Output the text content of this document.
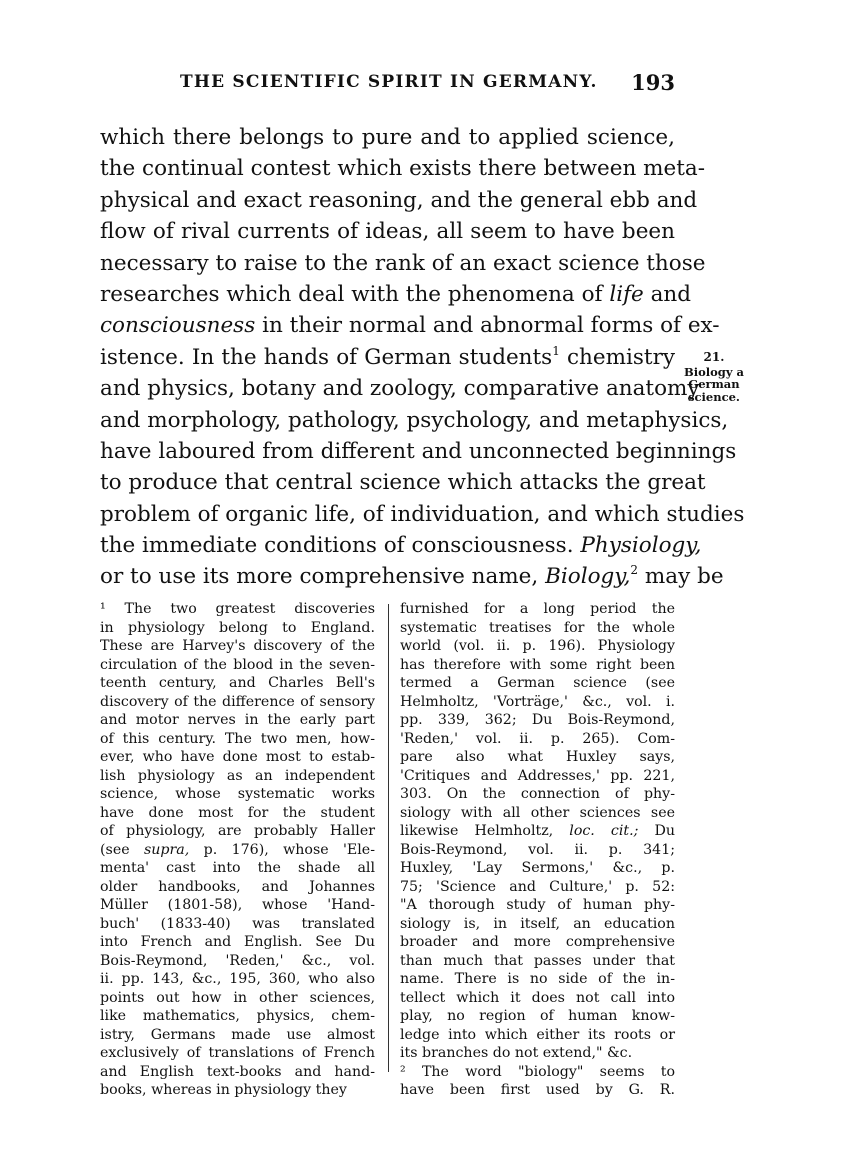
THE SCIENTIFIC SPIRIT IN GERMANY. 193
which there belongs to pure and to applied science,
the continual contest which exists there between meta-
physical and exact reasoning, and the general ebb and
flow of rival currents of ideas, all seem to have been
necessary to raise to the rank of an exact science those
researches which deal with the phenomena of life and
consciousness in their normal and abnormal forms of ex-
istence. In the hands of German students$^1$ chemistry
and physics, botany and zoology, comparative anatomy
and morphology, pathology, psychology, and metaphysics,
have laboured from different and unconnected beginnings
to produce that central science which attacks the great
problem of organic life, of individuation, and which studies
the immediate conditions of consciousness. Physiology,
or to use its more comprehensive name, Biology,$^2$ may be
21.
Biology a
German
science.
¹ The two greatest discoveries
in physiology belong to England.
These are Harvey's discovery of the
circulation of the blood in the seven-
teenth century, and Charles Bell's
discovery of the difference of sensory
and motor nerves in the early part
of this century. The two men, how-
ever, who have done most to estab-
lish physiology as an independent
science, whose systematic works
have done most for the student
of physiology, are probably Haller
(see supra, p. 176), whose 'Ele-
menta' cast into the shade all
older handbooks, and Johannes
Müller (1801-58), whose 'Hand-
buch' (1833-40) was translated
into French and English. See Du
Bois-Reymond, 'Reden,' &c., vol.
ii. pp. 143, &c., 195, 360, who also
points out how in other sciences,
like mathematics, physics, chem-
istry, Germans made use almost
exclusively of translations of French
and English text-books and hand-
books, whereas in physiology they
furnished for a long period the
systematic treatises for the whole
world (vol. ii. p. 196). Physiology
has therefore with some right been
termed a German science (see
Helmholtz, 'Vorträge,' &c., vol. i.
pp. 339, 362; Du Bois-Reymond,
'Reden,' vol. ii. p. 265). Com-
pare also what Huxley says,
'Critiques and Addresses,' pp. 221,
303. On the connection of phy-
siology with all other sciences see
likewise Helmholtz, loc. cit.; Du
Bois-Reymond, vol. ii. p. 341;
Huxley, 'Lay Sermons,' &c., p.
75; 'Science and Culture,' p. 52:
"A thorough study of human phy-
siology is, in itself, an education
broader and more comprehensive
than much that passes under that
name. There is no side of the in-
tellect which it does not call into
play, no region of human know-
ledge into which either its roots or
its branches do not extend," &c.
² The word "biology" seems to
have been first used by G. R.
